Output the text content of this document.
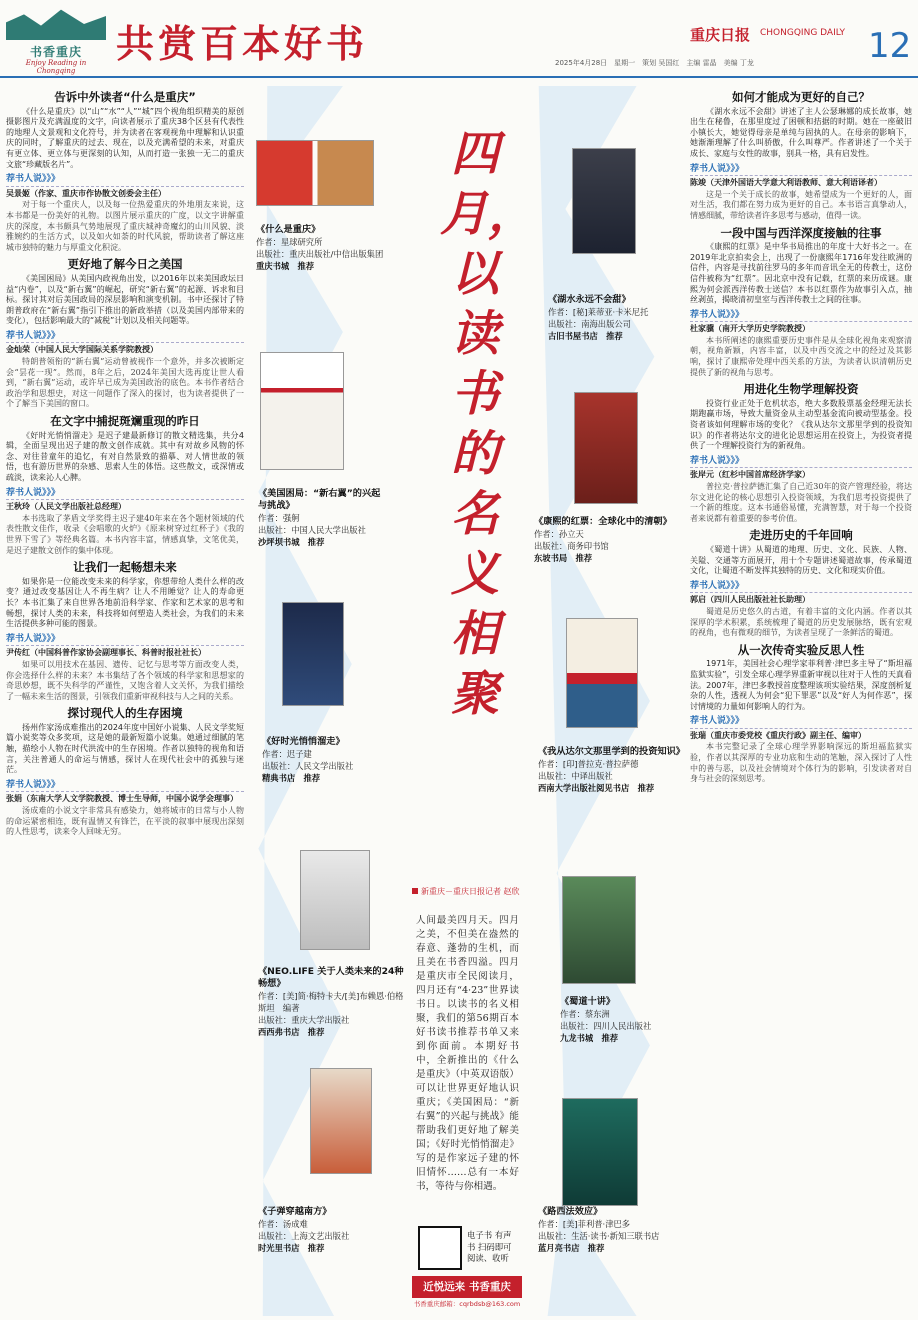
书香重庆
Enjoy Reading in Chongqing
共赏百本好书	重庆日报 CHONGQING DAILY 12
2025年4月28日　星期一　策划 吴国红　主编 雷晶　美编 丁龙
告诉中外读者“什么是重庆”

《什么是重庆》以“山”“水”“人”“城”四个视角组织精美的原创摄影图片及充满温度的文字，向读者展示了重庆38个区县有代表性的地理人文景观和文化符号，并为读者在客观视角中理解和认识重庆的同时，了解重庆的过去、现在，以及充满希望的未来，对重庆有更立体、更立体与更深刻的认知，从而打造一张独一无二的重庆文旅“珍藏版名片”。

荐书人说》》》
吴景姬（作家、重庆市作协散文创委会主任）

对于每一个重庆人，以及每一位热爱重庆的外地朋友来说，这本书都是一份美好的礼物。以图片展示重庆的广度，以文字讲解重庆的深度，本书颇具气势地展现了重庆城神奇魔幻的山川风貌、淡雅婉约的生活方式，以及如火如荼的时代风貌，帮助读者了解这座城市独特的魅力与厚重文化积淀。

更好地了解今日之美国

《美国困局》从美国内政视角出发，以2016年以来美国政坛日益“内卷”，以及“新右翼”的崛起，研究“新右翼”的起源、诉求和目标。探讨其对后美国政局的深层影响和演变机制。书中还探讨了特朗普政府在“新右翼”指引下推出的新政举措（以及美国内部带来的变化），包括影响最大的“减税”计划以及相关问题等。

荐书人说》》》
金灿荣（中国人民大学国际关系学院教授）

特朗普领衔的“新右翼”运动曾被视作一个意外，并多次被断定会“昙花一现”。然而，8年之后，2024年美国大选再度让世人看到，“新右翼”运动，或许早已成为美国政治的底色。本书作者结合政治学和思想史，对这一问题作了深入的探讨，也为读者提供了一个了解当下美国的窗口。

在文字中捕捉斑斓重现的昨日

《好时光悄悄溜走》是迟子建最新修订的散文精选集，共分4辑，全面呈现出迟子建的散文创作成就。其中有对故乡风物的怀念、对往昔童年的追忆，有对自然景致的描摹、对人情世故的领悟，也有游历世界的杂感、思索人生的体悟。这些散文，或深情或疏淡，读来沁人心脾。

荐书人说》》》
王秋玲（人民文学出版社总经理）

本书选取了茅盾文学奖得主迟子建40年来在各个题材领域的代表性散文佳作，收录《会唱歌的火炉》《原来树穿过红杯子》《我的世界下雪了》等经典名篇。本书内容丰富，情感真挚，文笔优美，是迟子建散文创作的集中体现。

让我们一起畅想未来

如果你是一位能改变未来的科学家，你想带给人类什么样的改变？通过改变基因让人不再生病？让人不用睡觉？让人的寿命更长？本书汇集了来自世界各地前沿科学家、作家和艺术家的思考和畅想，探讨人类的未来，科技将如何塑造人类社会，为我们的未来生活提供多种可能的图景。

荐书人说》》》
尹传红（中国科普作家协会副理事长、科普时报社社长）

如果可以用技术在基因、遗传、记忆与思考等方面改变人类，你会选择什么样的未来？本书集结了各个领域的科学家和思想家的奇思妙想，既不失科学的严谨性，又饱含着人文关怀，为我们描绘了一幅未来生活的图景，引领我们重新审视科技与人之间的关系。

探讨现代人的生存困境

扬州作家汤成难推出的2024年度中国好小说集、人民文学奖短篇小说奖等众多奖项，这是她的最新短篇小说集。她通过细腻的笔触，描绘小人物在时代洪流中的生存困境。作者以独特的视角和语言，关注普通人的命运与情感，探讨人在现代社会中的孤独与迷茫。

荐书人说》》》
张娟（东南大学人文学院教授、博士生导师，中国小说学会理事）

汤成难的小说文字非常具有感染力，她将城市的日常与小人物的命运紧密相连，既有温情又有锋芒，在平淡的叙事中展现出深刻的人性思考，读来令人回味无穷。

四月，以读书的名义相聚
《什么是重庆》
作者：星球研究所
出版社：重庆出版社/中信出版集团
重庆书城　推荐
《美国困局：“新右翼”的兴起与挑战》
作者：强舸
出版社：中国人民大学出版社
沙坪坝书城　推荐
《好时光悄悄溜走》
作者：迟子建
出版社：人民文学出版社
精典书店　推荐
《NEO.LIFE 关于人类未来的24种畅想》
作者：[美]简·梅特卡夫/[美]布赖恩·伯格斯坦　编著
出版社：重庆大学出版社
西西弗书店　推荐
《子弹穿越南方》
作者：汤成难
出版社：上海文艺出版社
时光里书店　推荐
《湖水永远不会甜》
作者：[秘]莱蒂亚·卡米尼托
出版社：南海出版公司
古旧书屋书店　推荐
《康熙的红票：全球化中的清朝》
作者：孙立天
出版社：商务印书馆
东坡书局　推荐
《我从达尔文那里学到的投资知识》
作者：[印]普拉克·普拉萨德
出版社：中译出版社
西南大学出版社阅见书店　推荐
《蜀道十讲》
作者：蔡东洲
出版社：四川人民出版社
九龙书城　推荐
《路西法效应》
作者：[美]菲利普·津巴多
出版社：生活·读书·新知三联书店
蓝月亮书店　推荐
新重庆－重庆日报记者 赵欣
人间最美四月天。四月之美，不但美在盎然的春意、蓬勃的生机，而且美在书香四溢。四月是重庆市全民阅读月，四月还有“4·23”世界读书日。以读书的名义相聚，我们的第56期百本好书读书推荐书单又来到你面前。本期好书中，全新推出的《什么是重庆》（中英双语版）可以让世界更好地认识重庆；《美国困局：“新右翼”的兴起与挑战》能帮助我们更好地了解美国；《好时光悄悄溜走》写的是作家远子建的怀旧情怀……总有一本好书，等待与你相遇。
电子书 有声书 扫码即可 阅读、收听
近悦远来 书香重庆
书香重庆邮箱：cqrbdsb@163.com
如何才能成为更好的自己？

《湖水永远不会甜》讲述了主人公瑟琳娜的成长故事，她出生在秘鲁，在那里度过了困顿和拮据的时期。她在一座破旧小镇长大，她觉得母亲是单纯与固执的人。在母亲的影响下，她渐渐理解了什么叫骄傲，什么叫尊严。作者讲述了一个关于成长、家庭与女性的故事，别具一格，具有启发性。

荐书人说》》》
陈竣（天津外国语大学意大利语教师、意大利语译者）

这是一个关于成长的故事，她希望成为一个更好的人，面对生活，我们都在努力成为更好的自己。本书语言真挚动人，情感细腻，带给读者许多思考与感动，值得一读。

一段中国与西洋深度接触的往事

《康熙的红票》是中华书局推出的年度十大好书之一。在2019年北京拍卖会上，出现了一份康熙年1716年发往欧洲的信件，内容是寻找前往罗马的多年而音讯全无的传教士，这份信件被称为“红票”。因北京中没有记载，红票的来历成谜。康熙为何会派西洋传教士送信？本书以红票作为故事引入点，抽丝剥茧，揭晓清初皇室与西洋传教士之间的往事。

荐书人说》》》
杜家骥（南开大学历史学院教授）

本书所阐述的康熙重要历史事件是从全球化视角来观察清朝，视角新颖，内容丰富，以及中西交流之中的经过及其影响，探讨了康熙帝处理中西关系的方法，为读者认识清朝历史提供了新的视角与思考。

用进化生物学理解投资

投资行业正处于危机状态，绝大多数股票基金经理无法长期跑赢市场，导致大量资金从主动型基金流向被动型基金。投资者该如何理解市场的变化？《我从达尔文那里学到的投资知识》的作者将达尔文的进化论思想运用在投资上，为投资者提供了一个理解投资行为的新视角。

荐书人说》》》
张岸元（红杉中国首席经济学家）

普拉克·普拉萨德汇集了自己近30年的资产管理经验，将达尔文进化论的核心思想引入投资领域，为我们思考投资提供了一个新的维度。这本书通俗易懂，充满智慧，对于每一个投资者来说都有着重要的参考价值。

走进历史的千年回响

《蜀道十讲》从蜀道的地理、历史、文化、民族、人物、关隘、交通等方面展开，用十个专题讲述蜀道故事，传承蜀道文化，让蜀道不断发挥其独特的历史、文化和现实价值。

荐书人说》》》
郭启（四川人民出版社社长助理）

蜀道是历史悠久的古道，有着丰富的文化内涵。作者以其深厚的学术积累，系统梳理了蜀道的历史发展脉络，既有宏观的视角，也有微观的细节，为读者呈现了一条鲜活的蜀道。

从一次传奇实验反思人性

1971年，美国社会心理学家菲利普·津巴多主导了“斯坦福监狱实验”，引发全球心理学界重新审视以往对于人性的天真看法。2007年，津巴多教授首度整理该项实验结果，深度剖析复杂的人性，透视人为何会“犯下罪恶”以及“好人为何作恶”，探讨情境的力量如何影响人的行为。

荐书人说》》》
张瑞（重庆市委党校《重庆行政》副主任、编审）

本书完整记录了全球心理学界影响深远的斯坦福监狱实验，作者以其深厚的专业功底和生动的笔触，深入探讨了人性中的善与恶，以及社会情境对个体行为的影响，引发读者对自身与社会的深刻思考。
